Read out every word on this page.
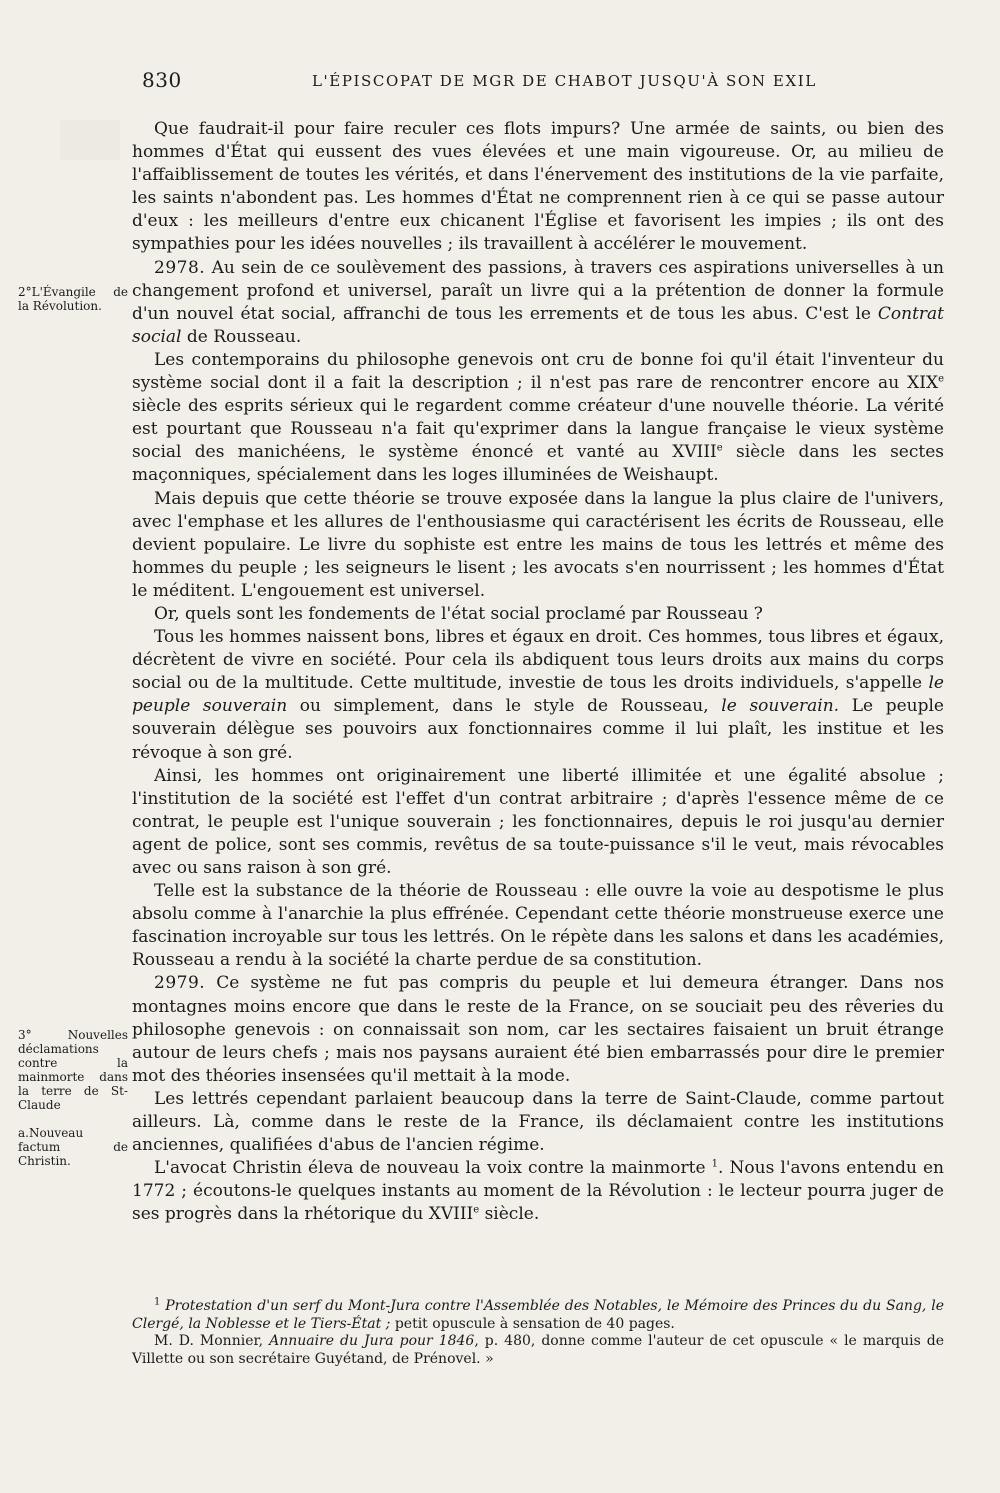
830	L'ÉPISCOPAT DE MGR DE CHABOT JUSQU'À SON EXIL
2°L'Évangile de la Révolution.
3° Nouvelles déclamations contre la mainmorte dans la terre de St-Claude
a.Nouveau factum de Christin.

Que faudrait-il pour faire reculer ces flots impurs? Une armée de saints, ou bien des hommes d'État qui eussent des vues élevées et une main vigoureuse. Or, au milieu de l'affaiblissement de toutes les vérités, et dans l'énervement des institutions de la vie parfaite, les saints n'abondent pas. Les hommes d'État ne comprennent rien à ce qui se passe autour d'eux : les meilleurs d'entre eux chicanent l'Église et favorisent les impies ; ils ont des sympathies pour les idées nouvelles ; ils travaillent à accélérer le mouvement.

2978. Au sein de ce soulèvement des passions, à travers ces aspirations universelles à un changement profond et universel, paraît un livre qui a la prétention de donner la formule d'un nouvel état social, affranchi de tous les errements et de tous les abus. C'est le Contrat social de Rousseau.

Les contemporains du philosophe genevois ont cru de bonne foi qu'il était l'inventeur du système social dont il a fait la description ; il n'est pas rare de rencontrer encore au XIXe siècle des esprits sérieux qui le regardent comme créateur d'une nouvelle théorie. La vérité est pourtant que Rousseau n'a fait qu'exprimer dans la langue française le vieux système social des manichéens, le système énoncé et vanté au XVIIIe siècle dans les sectes maçonniques, spécialement dans les loges illuminées de Weishaupt.

Mais depuis que cette théorie se trouve exposée dans la langue la plus claire de l'univers, avec l'emphase et les allures de l'enthousiasme qui caractérisent les écrits de Rousseau, elle devient populaire. Le livre du sophiste est entre les mains de tous les lettrés et même des hommes du peuple ; les seigneurs le lisent ; les avocats s'en nourrissent ; les hommes d'État le méditent. L'engouement est universel.

Or, quels sont les fondements de l'état social proclamé par Rousseau ?

Tous les hommes naissent bons, libres et égaux en droit. Ces hommes, tous libres et égaux, décrètent de vivre en société. Pour cela ils abdiquent tous leurs droits aux mains du corps social ou de la multitude. Cette multitude, investie de tous les droits individuels, s'appelle le peuple souverain ou simplement, dans le style de Rousseau, le souverain. Le peuple souverain délègue ses pouvoirs aux fonctionnaires comme il lui plaît, les institue et les révoque à son gré.

Ainsi, les hommes ont originairement une liberté illimitée et une égalité absolue ; l'institution de la société est l'effet d'un contrat arbitraire ; d'après l'essence même de ce contrat, le peuple est l'unique souverain ; les fonctionnaires, depuis le roi jusqu'au dernier agent de police, sont ses commis, revêtus de sa toute-puissance s'il le veut, mais révocables avec ou sans raison à son gré.

Telle est la substance de la théorie de Rousseau : elle ouvre la voie au despotisme le plus absolu comme à l'anarchie la plus effrénée. Cependant cette théorie monstrueuse exerce une fascination incroyable sur tous les lettrés. On le répète dans les salons et dans les académies, Rousseau a rendu à la société la charte perdue de sa constitution.

2979. Ce système ne fut pas compris du peuple et lui demeura étranger. Dans nos montagnes moins encore que dans le reste de la France, on se souciait peu des rêveries du philosophe genevois : on connaissait son nom, car les sectaires faisaient un bruit étrange autour de leurs chefs ; mais nos paysans auraient été bien embarrassés pour dire le premier mot des théories insensées qu'il mettait à la mode.

Les lettrés cependant parlaient beaucoup dans la terre de Saint-Claude, comme partout ailleurs. Là, comme dans le reste de la France, ils déclamaient contre les institutions anciennes, qualifiées d'abus de l'ancien régime.

L'avocat Christin éleva de nouveau la voix contre la mainmorte $^1$. Nous l'avons entendu en 1772 ; écoutons-le quelques instants au moment de la Révolution : le lecteur pourra juger de ses progrès dans la rhétorique du XVIIIe siècle.

$^1$ Protestation d'un serf du Mont-Jura contre l'Assemblée des Notables, le Mémoire des Princes du du Sang, le Clergé, la Noblesse et le Tiers-État ; petit opuscule à sensation de 40 pages.

M. D. Monnier, Annuaire du Jura pour 1846, p. 480, donne comme l'auteur de cet opuscule « le marquis de Villette ou son secrétaire Guyétand, de Prénovel. »
